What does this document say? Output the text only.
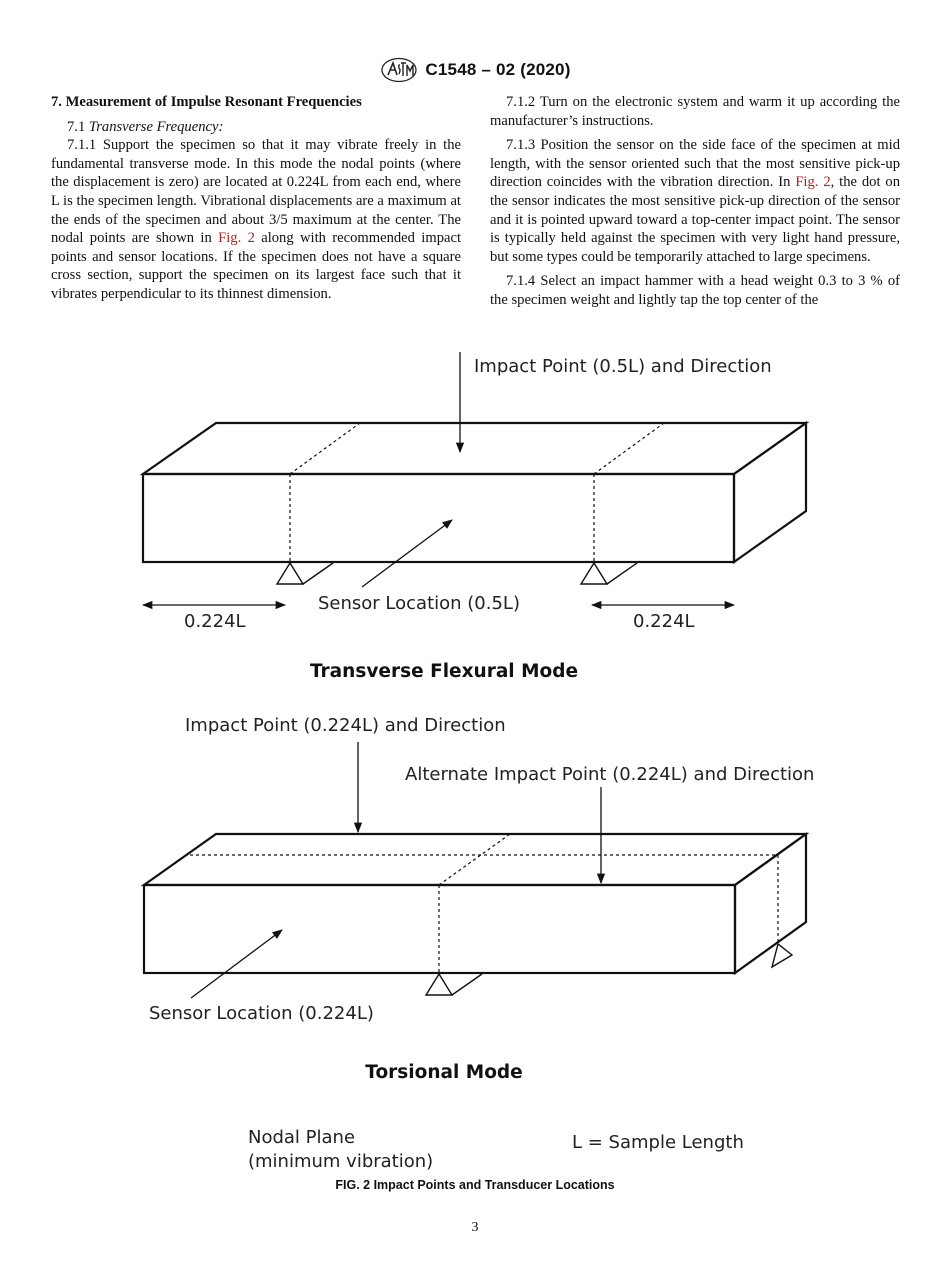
C1548 – 02 (2020)

7. Measurement of Impulse Resonant Frequencies

7.1 Transverse Frequency:

7.1.1 Support the specimen so that it may vibrate freely in the fundamental transverse mode. In this mode the nodal points (where the displacement is zero) are located at 0.224L from each end, where L is the specimen length. Vibrational displacements are a maximum at the ends of the specimen and about 3/5 maximum at the center. The nodal points are shown in Fig. 2 along with recommended impact points and sensor locations. If the specimen does not have a square cross section, support the specimen on its largest face such that it vibrates perpendicular to its thinnest dimension.

7.1.2 Turn on the electronic system and warm it up according the manufacturer’s instructions.

7.1.3 Position the sensor on the side face of the specimen at mid length, with the sensor oriented such that the most sensitive pick-up direction coincides with the vibration direction. In Fig. 2, the dot on the sensor indicates the most sensitive pick-up direction of the sensor and it is pointed upward toward a top-center impact point. The sensor is typically held against the specimen with very light hand pressure, but some types could be temporarily attached to large specimens.

7.1.4 Select an impact hammer with a head weight 0.3 to 3 % of the specimen weight and lightly tap the top center of the

Impact Point (0.5L) and Direction
Sensor Location (0.5L)
0.224L	0.224L
Transverse Flexural Mode
Impact Point (0.224L) and Direction
Alternate Impact Point (0.224L) and Direction
Sensor Location (0.224L)
Torsional Mode
Nodal Plane
(minimum vibration)
L = Sample Length
FIG. 2 Impact Points and Transducer Locations
3
